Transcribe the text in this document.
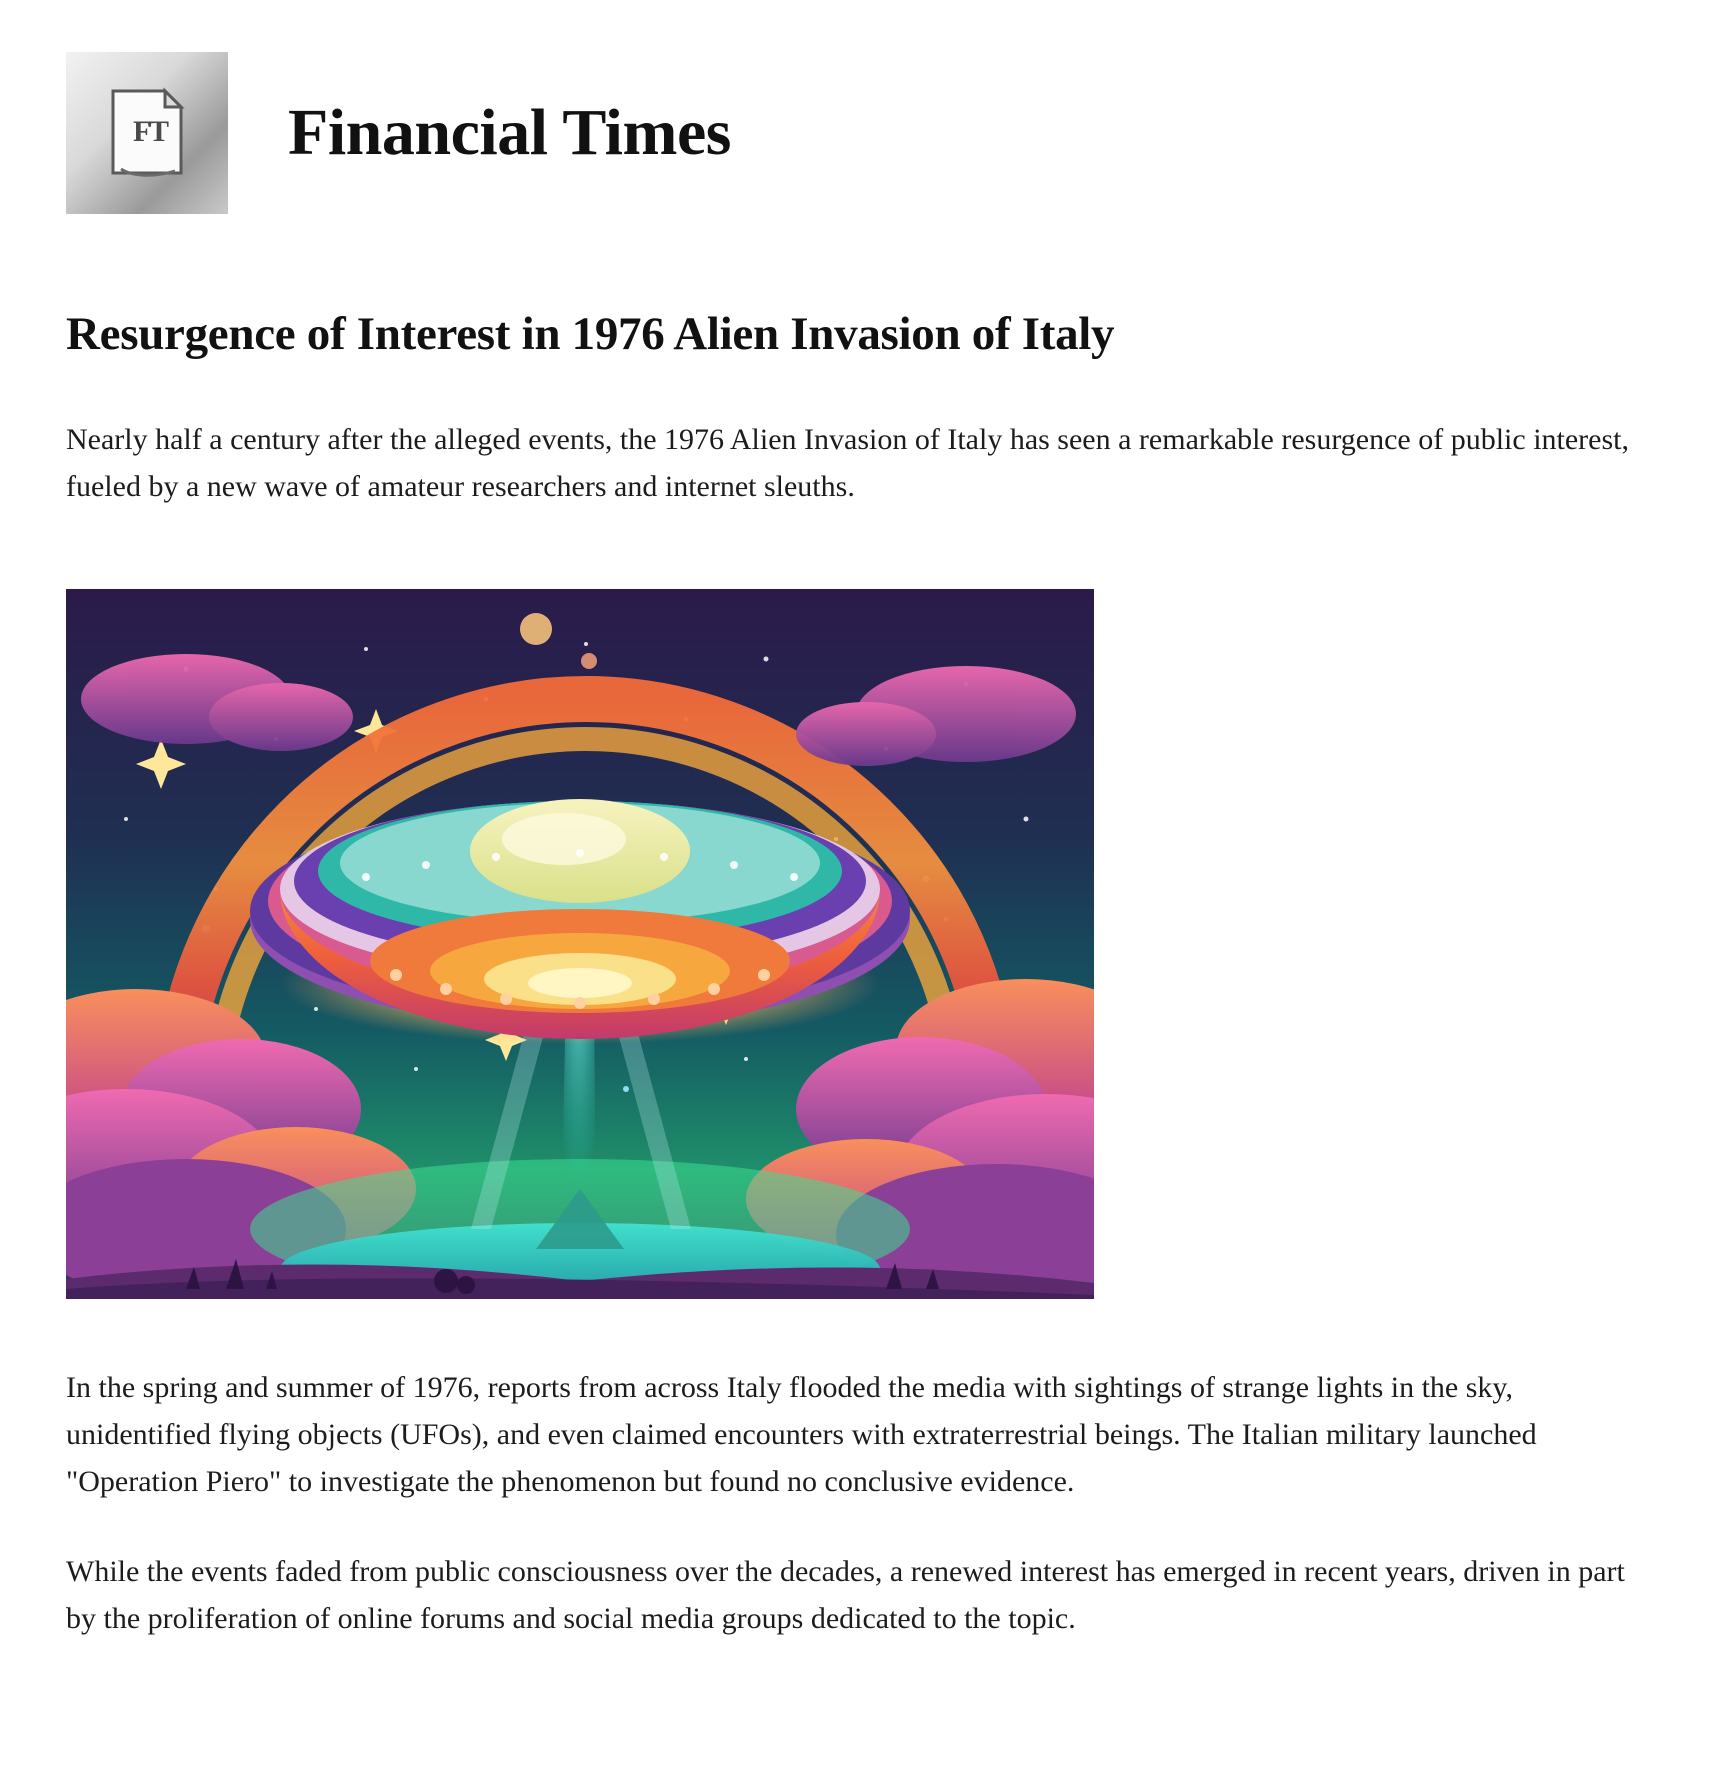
F
T Financial Times
Resurgence of Interest in 1976 Alien Invasion of Italy

Nearly half a century after the alleged events, the 1976 Alien Invasion of Italy has seen a remarkable resurgence of public interest, fueled by a new wave of amateur researchers and internet sleuths.

In the spring and summer of 1976, reports from across Italy flooded the media with sightings of strange lights in the sky, unidentified flying objects (UFOs), and even claimed encounters with extraterrestrial beings. The Italian military launched "Operation Piero" to investigate the phenomenon but found no conclusive evidence.

While the events faded from public consciousness over the decades, a renewed interest has emerged in recent years, driven in part by the proliferation of online forums and social media groups dedicated to the topic.
